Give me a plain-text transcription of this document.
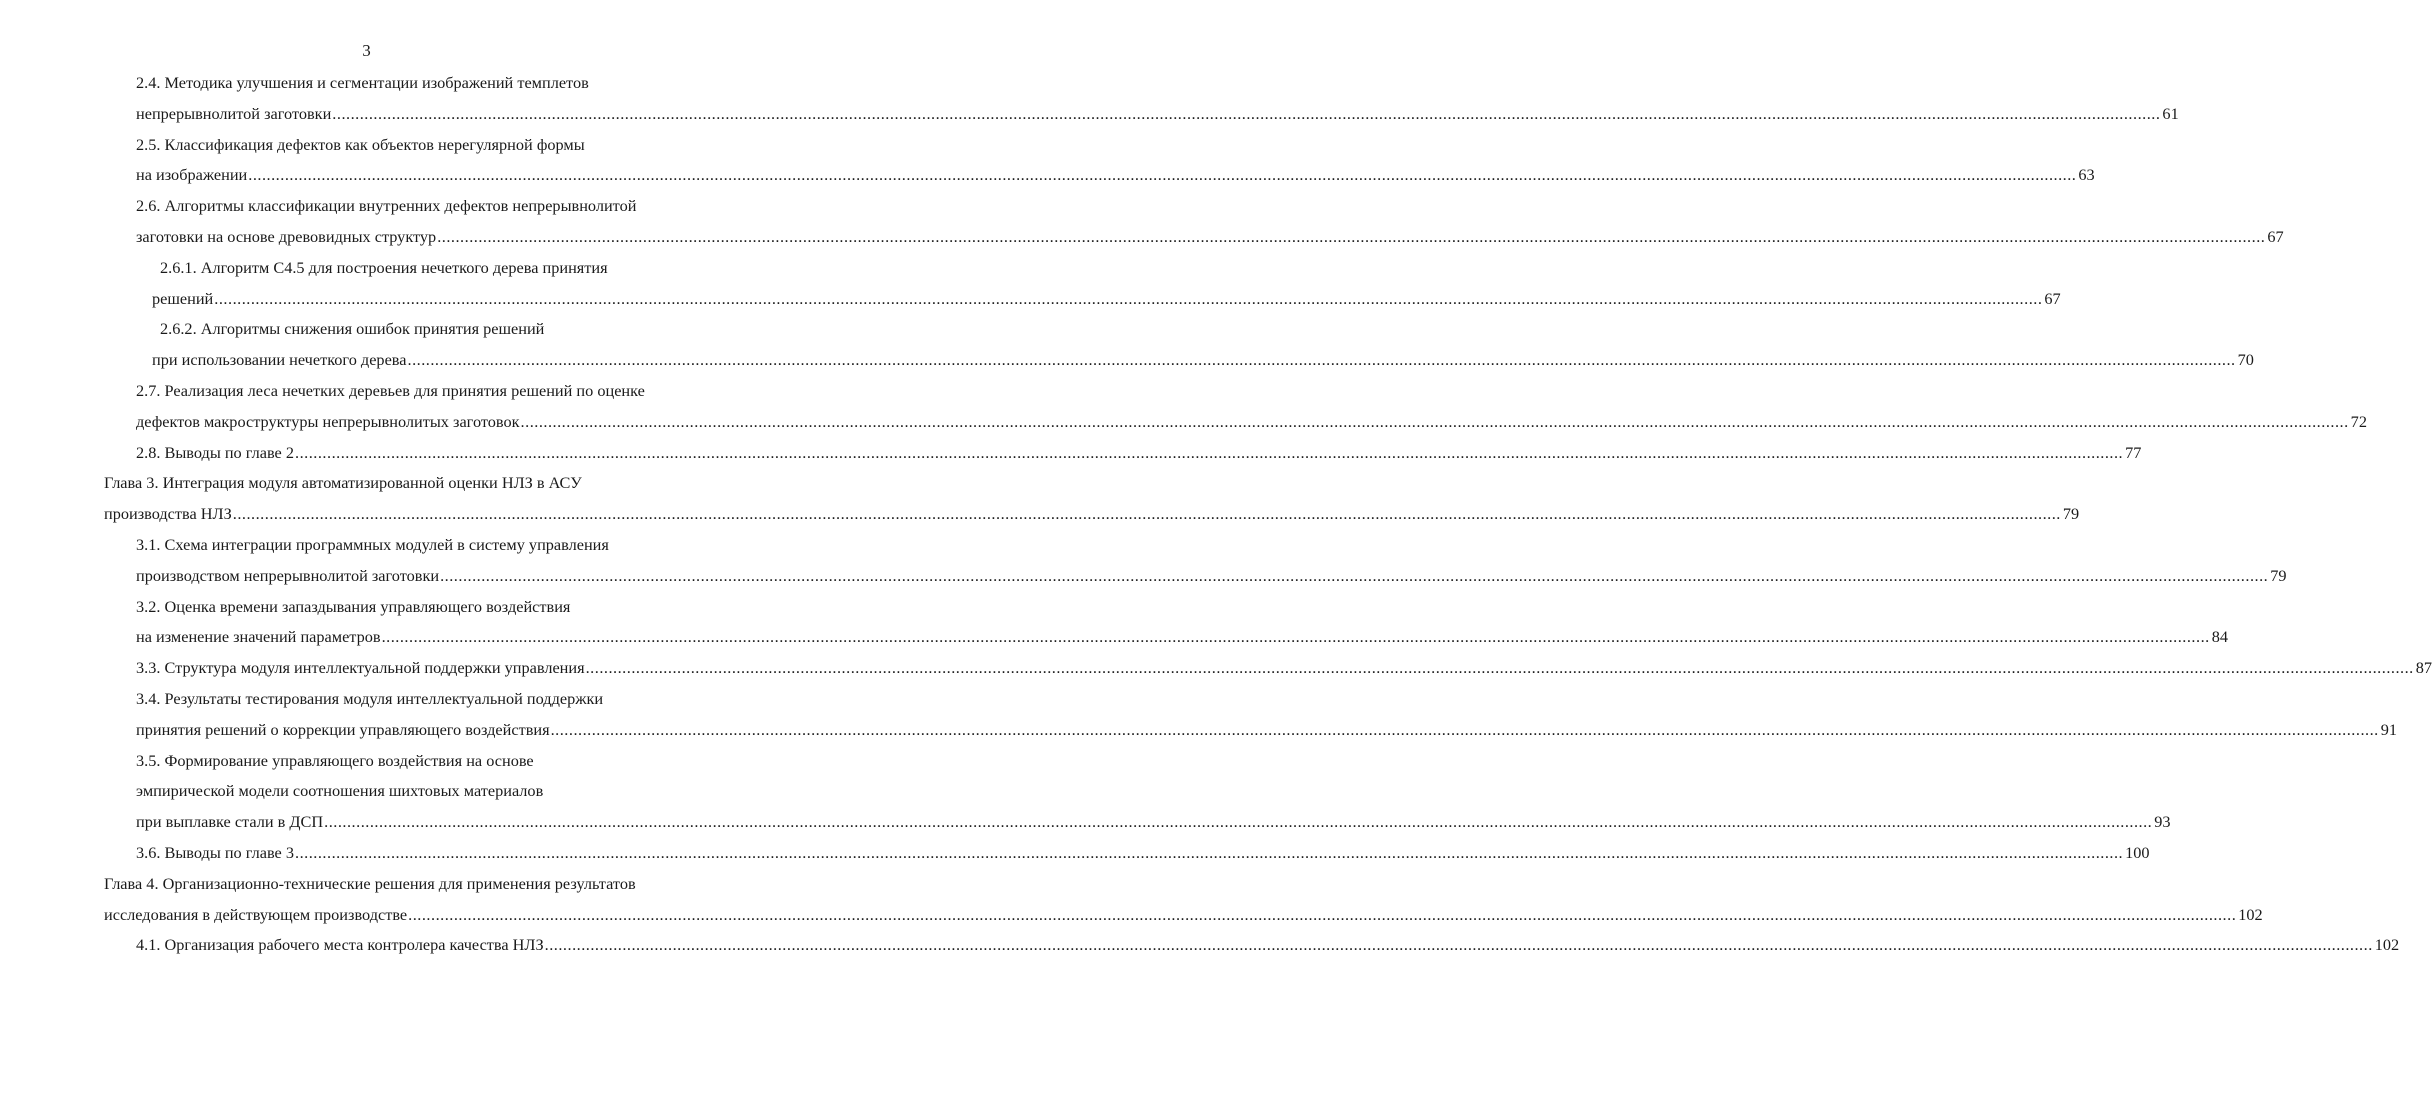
3
2.4. Методика улучшения и сегментации изображений темплетов
непрерывнолитой заготовки ................................................................................................................................................................................................................................................................................................................................................................................................................ 61
2.5. Классификация дефектов как объектов нерегулярной формы
на изображении ................................................................................................................................................................................................................................................................................................................................................................................................................ 63
2.6. Алгоритмы классификации внутренних дефектов непрерывнолитой
заготовки на основе древовидных структур ................................................................................................................................................................................................................................................................................................................................................................................................................ 67
2.6.1. Алгоритм С4.5 для построения нечеткого дерева принятия
решений ................................................................................................................................................................................................................................................................................................................................................................................................................ 67
2.6.2. Алгоритмы снижения ошибок принятия решений
при использовании нечеткого дерева ................................................................................................................................................................................................................................................................................................................................................................................................................ 70
2.7. Реализация леса нечетких деревьев для принятия решений по оценке
дефектов макроструктуры непрерывнолитых заготовок ................................................................................................................................................................................................................................................................................................................................................................................................................ 72
2.8. Выводы по главе 2 ................................................................................................................................................................................................................................................................................................................................................................................................................ 77
Глава 3. Интеграция модуля автоматизированной оценки НЛЗ в АСУ
производства НЛЗ ................................................................................................................................................................................................................................................................................................................................................................................................................ 79
3.1. Схема интеграции программных модулей в систему управления
производством непрерывнолитой заготовки ................................................................................................................................................................................................................................................................................................................................................................................................................ 79
3.2. Оценка времени запаздывания управляющего воздействия
на изменение значений параметров ................................................................................................................................................................................................................................................................................................................................................................................................................ 84
3.3. Структура модуля интеллектуальной поддержки управления ................................................................................................................................................................................................................................................................................................................................................................................................................ 87
3.4. Результаты тестирования модуля интеллектуальной поддержки
принятия решений о коррекции управляющего воздействия ................................................................................................................................................................................................................................................................................................................................................................................................................ 91
3.5. Формирование управляющего воздействия на основе
эмпирической модели соотношения шихтовых материалов
при выплавке стали в ДСП ................................................................................................................................................................................................................................................................................................................................................................................................................ 93
3.6. Выводы по главе 3 ................................................................................................................................................................................................................................................................................................................................................................................................................ 100
Глава 4. Организационно-технические решения для применения результатов
исследования в действующем производстве ................................................................................................................................................................................................................................................................................................................................................................................................................ 102
4.1. Организация рабочего места контролера качества НЛЗ ................................................................................................................................................................................................................................................................................................................................................................................................................ 102
